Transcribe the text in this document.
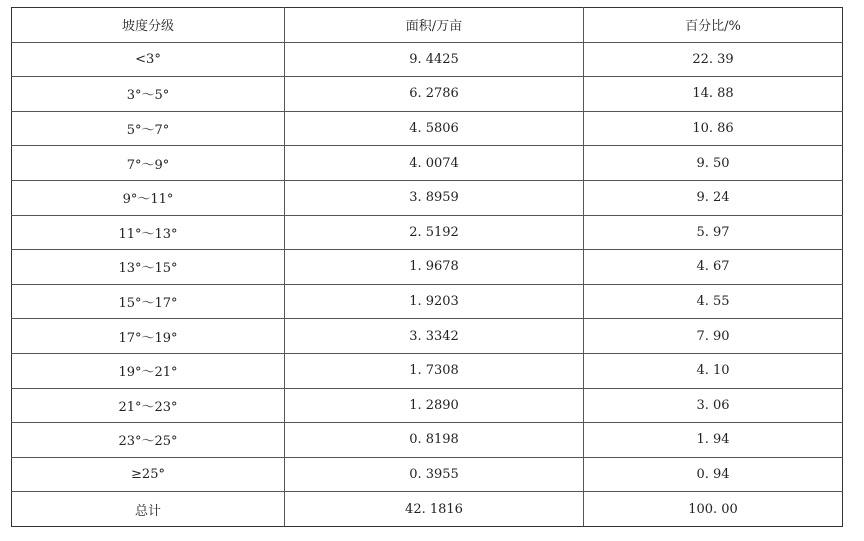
坡度分级	面积/万亩	百分比/%
<3°	9. 4425	22. 39
3°～5°	6. 2786	14. 88
5°～7°	4. 5806	10. 86
7°～9°	4. 0074	9. 50
9°～11°	3. 8959	9. 24
11°～13°	2. 5192	5. 97
13°～15°	1. 9678	4. 67
15°～17°	1. 9203	4. 55
17°～19°	3. 3342	7. 90
19°～21°	1. 7308	4. 10
21°～23°	1. 2890	3. 06
23°～25°	0. 8198	1. 94
≥25°	0. 3955	0. 94
总计	42. 1816	100. 00
